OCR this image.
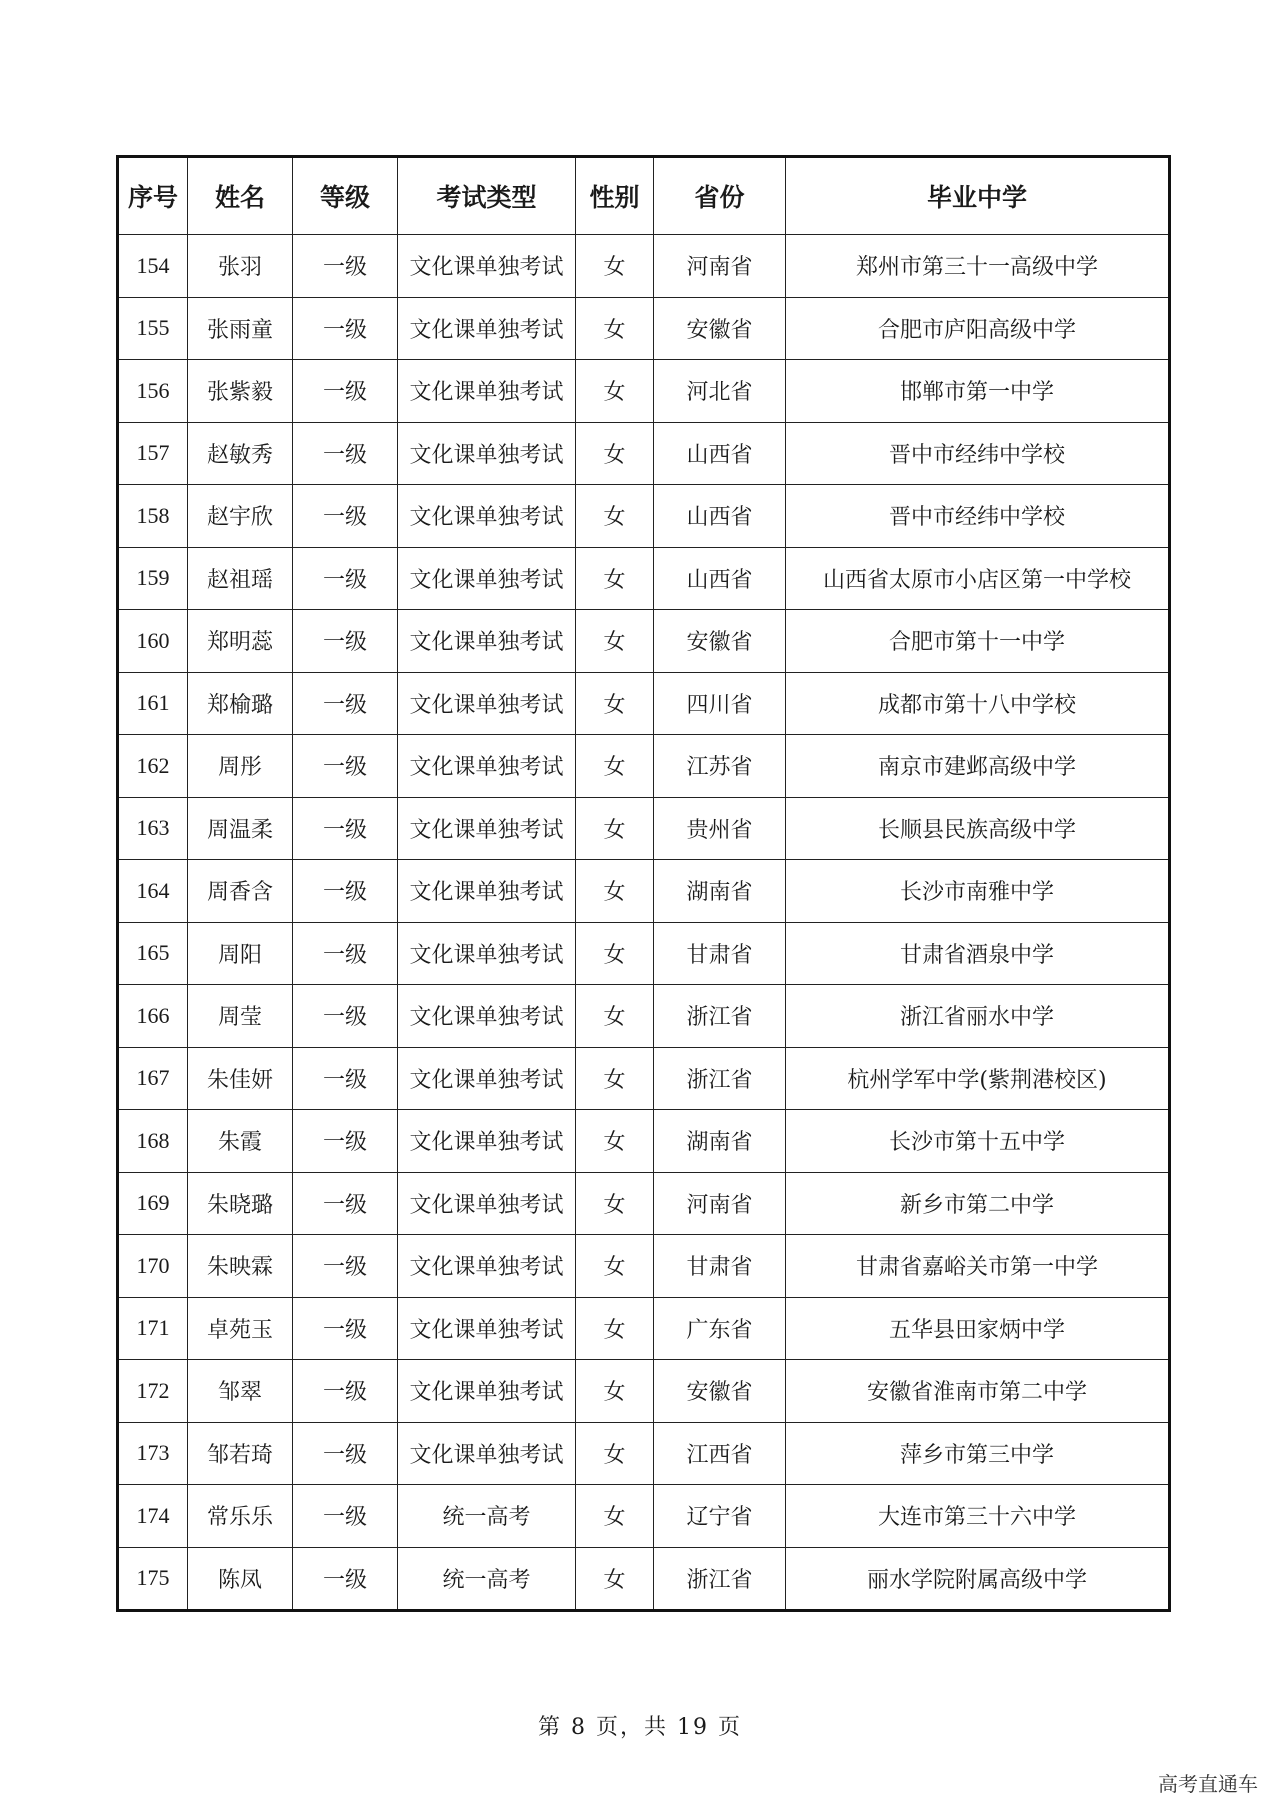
序号	姓名	等级	考试类型	性别	省份	毕业中学
154	张羽	一级	文化课单独考试	女	河南省	郑州市第三十一高级中学
155	张雨童	一级	文化课单独考试	女	安徽省	合肥市庐阳高级中学
156	张紫毅	一级	文化课单独考试	女	河北省	邯郸市第一中学
157	赵敏秀	一级	文化课单独考试	女	山西省	晋中市经纬中学校
158	赵宇欣	一级	文化课单独考试	女	山西省	晋中市经纬中学校
159	赵祖瑶	一级	文化课单独考试	女	山西省	山西省太原市小店区第一中学校
160	郑明蕊	一级	文化课单独考试	女	安徽省	合肥市第十一中学
161	郑榆璐	一级	文化课单独考试	女	四川省	成都市第十八中学校
162	周彤	一级	文化课单独考试	女	江苏省	南京市建邺高级中学
163	周温柔	一级	文化课单独考试	女	贵州省	长顺县民族高级中学
164	周香含	一级	文化课单独考试	女	湖南省	长沙市南雅中学
165	周阳	一级	文化课单独考试	女	甘肃省	甘肃省酒泉中学
166	周莹	一级	文化课单独考试	女	浙江省	浙江省丽水中学
167	朱佳妍	一级	文化课单独考试	女	浙江省	杭州学军中学(紫荆港校区)
168	朱霞	一级	文化课单独考试	女	湖南省	长沙市第十五中学
169	朱晓璐	一级	文化课单独考试	女	河南省	新乡市第二中学
170	朱映霖	一级	文化课单独考试	女	甘肃省	甘肃省嘉峪关市第一中学
171	卓苑玉	一级	文化课单独考试	女	广东省	五华县田家炳中学
172	邹翠	一级	文化课单独考试	女	安徽省	安徽省淮南市第二中学
173	邹若琦	一级	文化课单独考试	女	江西省	萍乡市第三中学
174	常乐乐	一级	统一高考	女	辽宁省	大连市第三十六中学
175	陈凤	一级	统一高考	女	浙江省	丽水学院附属高级中学
第 8 页，共 19 页
高考直通车
